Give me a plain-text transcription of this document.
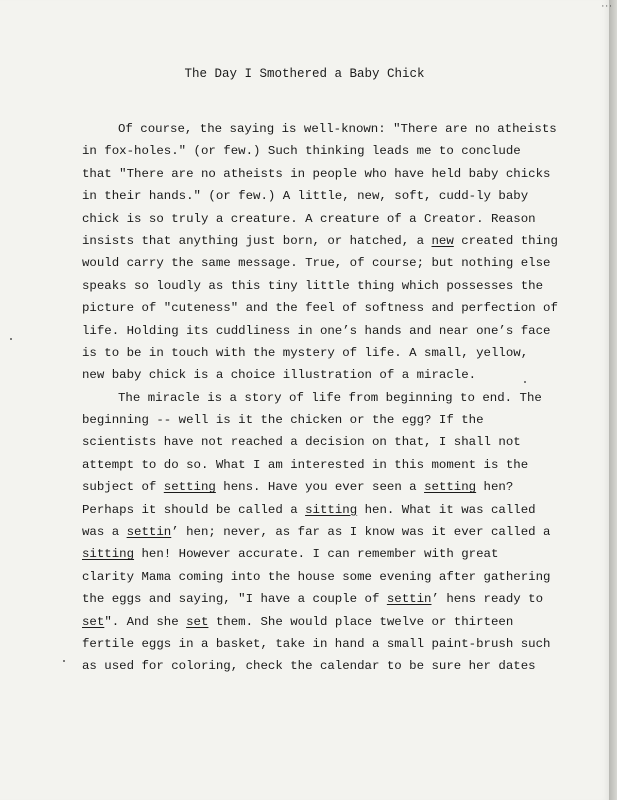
The Day I Smothered a Baby Chick
Of course, the saying is well-known: "There are no atheists
in fox-holes." (or few.) Such thinking leads me to conclude
that "There are no atheists in people who have held baby chicks
in their hands." (or few.) A little, new, soft, cudd-ly baby
chick is so truly a creature. A creature of a Creator. Reason
insists that anything just born, or hatched, a new created thing
would carry the same message. True, of course; but nothing else
speaks so loudly as this tiny little thing which possesses the
picture of "cuteness" and the feel of softness and perfection of
life. Holding its cuddliness in one’s hands and near one’s face
is to be in touch with the mystery of life. A small, yellow,
new baby chick is a choice illustration of a miracle.
The miracle is a story of life from beginning to end. The
beginning -- well is it the chicken or the egg? If the
scientists have not reached a decision on that, I shall not
attempt to do so. What I am interested in this moment is the
subject of setting hens. Have you ever seen a setting hen?
Perhaps it should be called a sitting hen. What it was called
was a settin’ hen; never, as far as I know was it ever called a
sitting hen! However accurate. I can remember with great
clarity Mama coming into the house some evening after gathering
the eggs and saying, "I have a couple of settin’ hens ready to
set". And she set them. She would place twelve or thirteen
fertile eggs in a basket, take in hand a small paint-brush such
as used for coloring, check the calendar to be sure her dates
···
